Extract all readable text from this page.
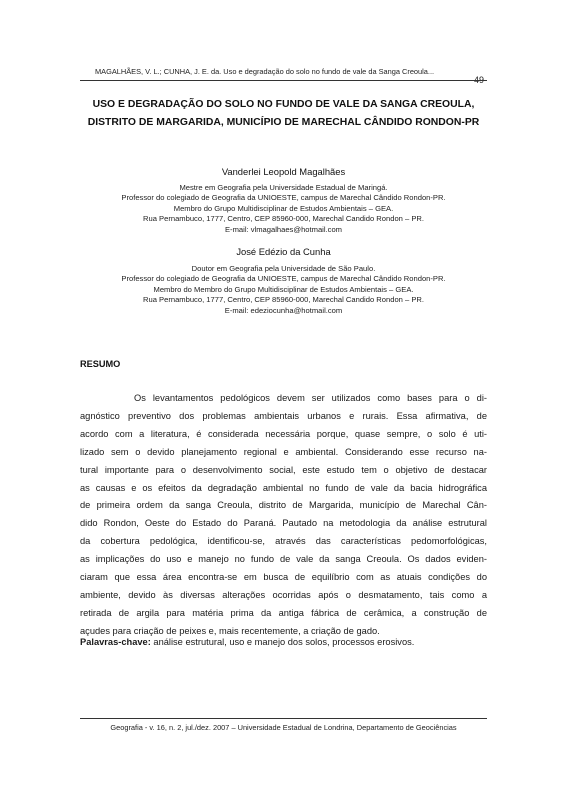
MAGALHÃES, V. L.; CUNHA, J. E. da. Uso e degradação do solo no fundo de vale da Sanga Creoula...
49
USO E DEGRADAÇÃO DO SOLO NO FUNDO DE VALE DA SANGA CREOULA,
DISTRITO DE MARGARIDA, MUNICÍPIO DE MARECHAL CÂNDIDO RONDON-PR
Vanderlei Leopold Magalhães
Mestre em Geografia pela Universidade Estadual de Maringá.
Professor do colegiado de Geografia da UNIOESTE, campus de Marechal Cândido Rondon-PR.
Membro do Grupo Multidisciplinar de Estudos Ambientais – GEA.
Rua Pernambuco, 1777, Centro, CEP 85960-000, Marechal Candido Rondon – PR.
E-mail: vlmagalhaes@hotmail.com
José Edézio da Cunha
Doutor em Geografia pela Universidade de São Paulo.
Professor do colegiado de Geografia da UNIOESTE, campus de Marechal Cândido Rondon-PR.
Membro do Membro do Grupo Multidisciplinar de Estudos Ambientais – GEA.
Rua Pernambuco, 1777, Centro, CEP 85960-000, Marechal Candido Rondon – PR.
E-mail: edeziocunha@hotmail.com
RESUMO
Os levantamentos pedológicos devem ser utilizados como bases para o di-
agnóstico preventivo dos problemas ambientais urbanos e rurais. Essa afirmativa, de
acordo com a literatura, é considerada necessária porque, quase sempre, o solo é uti-
lizado sem o devido planejamento regional e ambiental. Considerando esse recurso na-
tural importante para o desenvolvimento social, este estudo tem o objetivo de destacar
as causas e os efeitos da degradação ambiental no fundo de vale da bacia hidrográfica
de primeira ordem da sanga Creoula, distrito de Margarida, município de Marechal Cân-
dido Rondon, Oeste do Estado do Paraná. Pautado na metodologia da análise estrutural
da cobertura pedológica, identificou-se, através das características pedomorfológicas,
as implicações do uso e manejo no fundo de vale da sanga Creoula. Os dados eviden-
ciaram que essa área encontra-se em busca de equilíbrio com as atuais condições do
ambiente, devido às diversas alterações ocorridas após o desmatamento, tais como a
retirada de argila para matéria prima da antiga fábrica de cerâmica, a construção de
açudes para criação de peixes e, mais recentemente, a criação de gado.
Palavras-chave: análise estrutural, uso e manejo dos solos, processos erosivos.
Geografia - v. 16, n. 2, jul./dez. 2007 – Universidade Estadual de Londrina, Departamento de Geociências
